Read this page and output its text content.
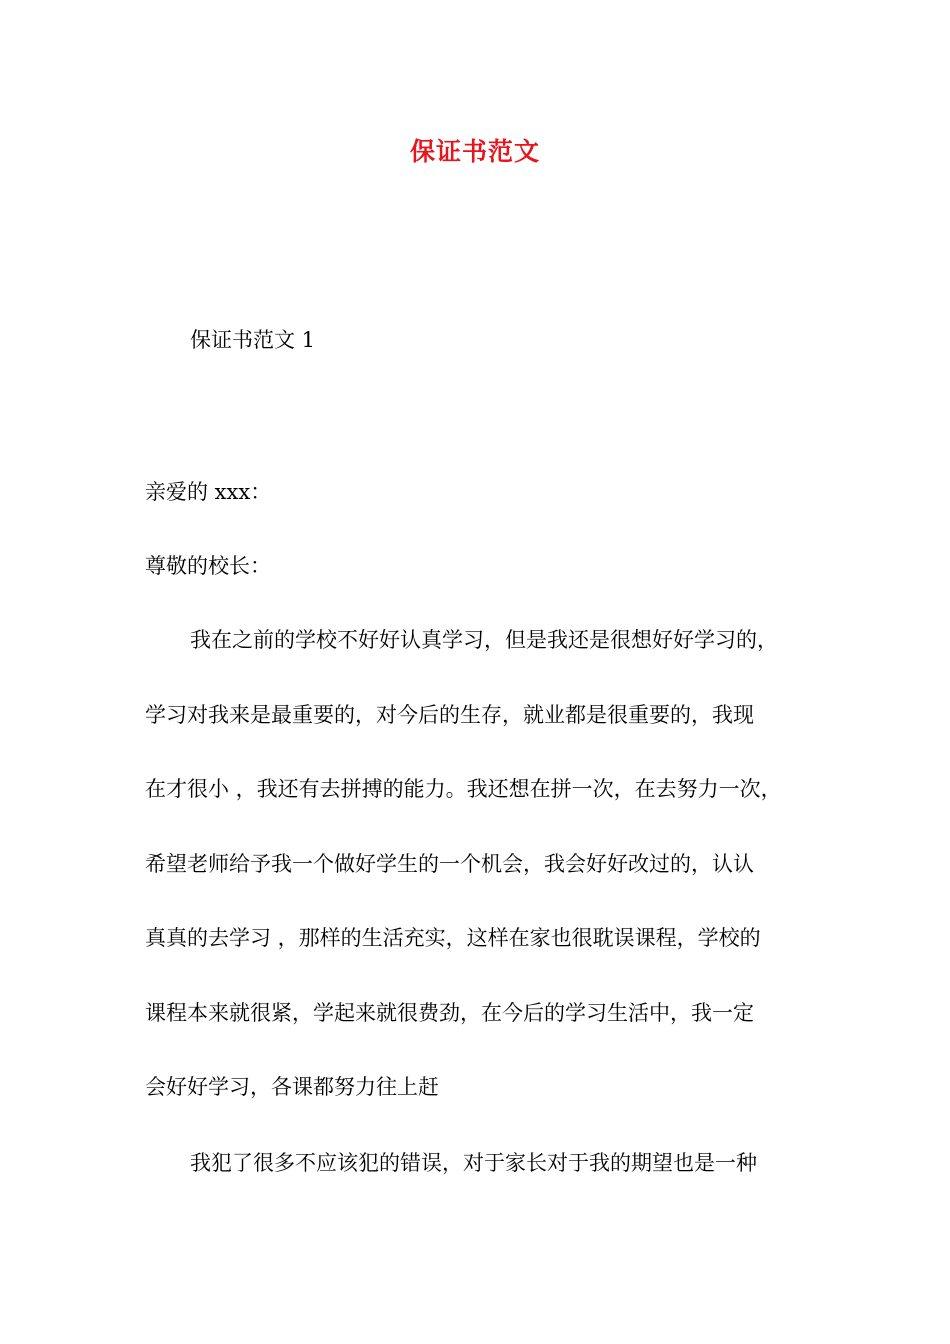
保证书范文
保证书范文 1
亲爱的 xxx：
尊敬的校长：
我在之前的学校不好好认真学习，但是我还是很想好好学习的，
学习对我来是最重要的，对今后的生存，就业都是很重要的，我现
在才很小 ，我还有去拼搏的能力。我还想在拼一次，在去努力一次，
希望老师给予我一个做好学生的一个机会，我会好好改过的，认认
真真的去学习 ，那样的生活充实，这样在家也很耽误课程，学校的
课程本来就很紧，学起来就很费劲，在今后的学习生活中，我一定
会好好学习，各课都努力往上赶
我犯了很多不应该犯的错误，对于家长对于我的期望也是一种
